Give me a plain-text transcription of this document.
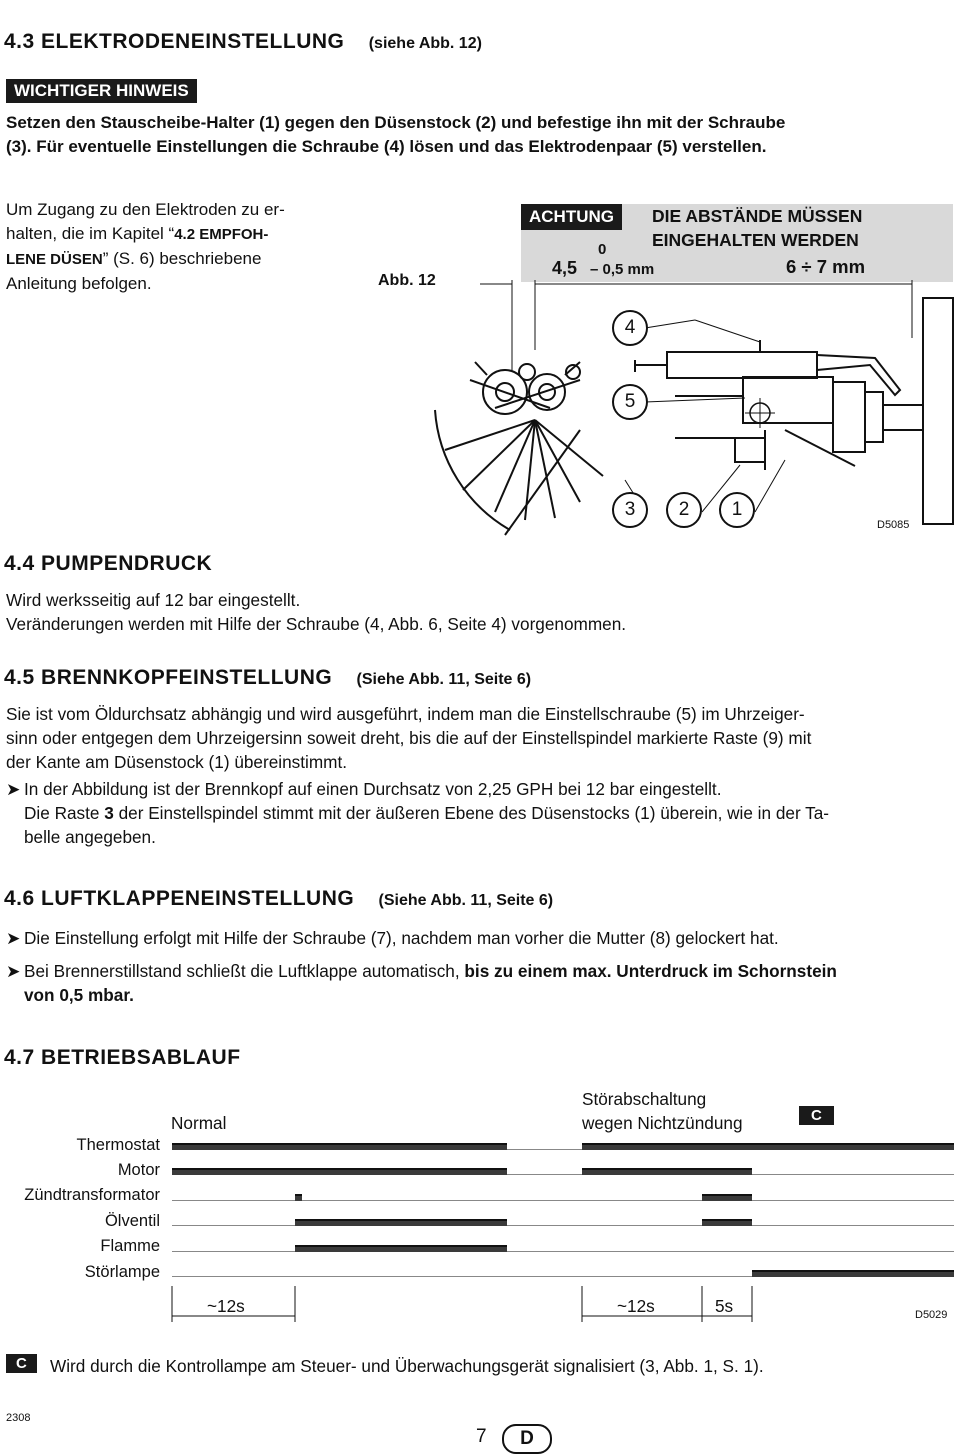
4.3 ELEKTRODENEINSTELLUNG (siehe Abb. 12)
WICHTIGER HINWEIS
Setzen den Stauscheibe-Halter (1) gegen den Düsenstock (2) und befestige ihn mit der Schraube
(3). Für eventuelle Einstellungen die Schraube (4) lösen und das Elektrodenpaar (5) verstellen.
Um Zugang zu den Elektroden zu er-
halten, die im Kapitel “4.2 EMPFOH-
LENE DÜSEN” (S. 6) beschriebene
Anleitung befolgen.	Abb. 12
ACHTUNG	DIE ABSTÄNDE MÜSSEN
EINGEHALTEN WERDEN
0
4,5 – 0,5 mm	6 ÷ 7 mm
4
5
3	2	1
D5085
4.4 PUMPENDRUCK
Wird werksseitig auf 12 bar eingestellt.
Veränderungen werden mit Hilfe der Schraube (4, Abb. 6, Seite 4) vorgenommen.
4.5 BRENNKOPFEINSTELLUNG (Siehe Abb. 11, Seite 6)
Sie ist vom Öldurchsatz abhängig und wird ausgeführt, indem man die Einstellschraube (5) im Uhrzeiger-
sinn oder entgegen dem Uhrzeigersinn soweit dreht, bis die auf der Einstellspindel markierte Raste (9) mit
der Kante am Düsenstock (1) übereinstimmt.
➤ In der Abbildung ist der Brennkopf auf einen Durchsatz von 2,25 GPH bei 12 bar eingestellt.
Die Raste 3 der Einstellspindel stimmt mit der äußeren Ebene des Düsenstocks (1) überein, wie in der Ta-
belle angegeben.
4.6 LUFTKLAPPENEINSTELLUNG (Siehe Abb. 11, Seite 6)
➤ Die Einstellung erfolgt mit Hilfe der Schraube (7), nachdem man vorher die Mutter (8) gelockert hat.
➤ Bei Brennerstillstand schließt die Luftklappe automatisch, bis zu einem max. Unterdruck im Schornstein
von 0,5 mbar.
4.7 BETRIEBSABLAUF
Normal
Störabschaltung
wegen Nichtzündung	C
Thermostat
Motor
Zündtransformator
Ölventil
Flamme
Störlampe
~12s	~12s	5s	D5029
C	Wird durch die Kontrollampe am Steuer- und Überwachungsgerät signalisiert (3, Abb. 1, S. 1).
2308
7	D
